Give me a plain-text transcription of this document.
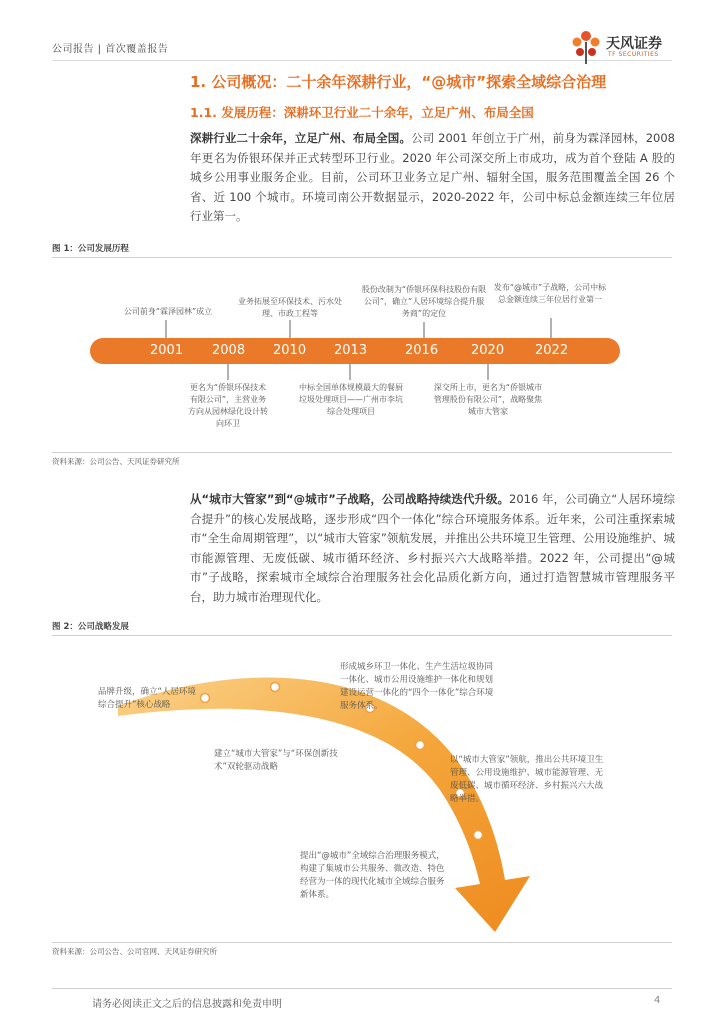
公司报告 | 首次覆盖报告	天风证券
TF SECURITIES
1. 公司概况：二十余年深耕行业，“@城市”探索全域综合治理
1.1. 发展历程：深耕环卫行业二十余年，立足广州、布局全国
深耕行业二十余年，立足广州、布局全国。公司 2001 年创立于广州，前身为霖泽园林，2008 年更名为侨银环保并正式转型环卫行业。2020 年公司深交所上市成功，成为首个登陆 A 股的城乡公用事业服务企业。目前，公司环卫业务立足广州、辐射全国，服务范围覆盖全国 26 个省、近 100 个城市。环境司南公开数据显示，2020-2022 年，公司中标总金额连续三年位居行业第一。
图 1：公司发展历程
2001 2008 2010 2013	2016	2020 2022
公司前身“霖泽园林”成立
业务拓展至环保技术、污水处理、市政工程等
股份改制为“侨银环保科技股份有限公司”，确立“人居环境综合提升服务商”的定位
发布“@城市”子战略，公司中标总金额连续三年位居行业第一
更名为“侨银环保技术有限公司”，主营业务方向从园林绿化设计转向环卫
中标全国单体规模最大的餐厨垃圾处理项目——广州市李坑综合处理项目
深交所上市，更名为“侨银城市管理股份有限公司”，战略聚焦城市大管家
资料来源：公司公告、天风证券研究所
从“城市大管家”到“@城市”子战略，公司战略持续迭代升级。2016 年，公司确立“人居环境综合提升”的核心发展战略，逐步形成“四个一体化”综合环境服务体系。近年来，公司注重探索城市“全生命周期管理”，以“城市大管家”领航发展，并推出公共环境卫生管理、公用设施维护、城市能源管理、无废低碳、城市循环经济、乡村振兴六大战略举措。2022 年，公司提出“@城市”子战略，探索城市全域综合治理服务社会化品质化新方向，通过打造智慧城市管理服务平台，助力城市治理现代化。
图 2：公司战略发展
品牌升级，确立“人居环境综合提升”核心战略
形成城乡环卫一体化、生产生活垃圾协同一体化、城市公用设施维护一体化和规划建设运营一体化的“四个一体化”综合环境服务体系。
建立“城市大管家”与“环保创新技术”双轮驱动战略
以“城市大管家”领航，推出公共环境卫生管理、公用设施维护、城市能源管理、无废低碳、城市循环经济、乡村振兴六大战略举措。
提出“@城市”全域综合治理服务模式，构建了集城市公共服务、微改造、特色经营为一体的现代化城市全域综合服务新体系。
资料来源：公司公告、公司官网、天风证券研究所
请务必阅读正文之后的信息披露和免责申明	4
